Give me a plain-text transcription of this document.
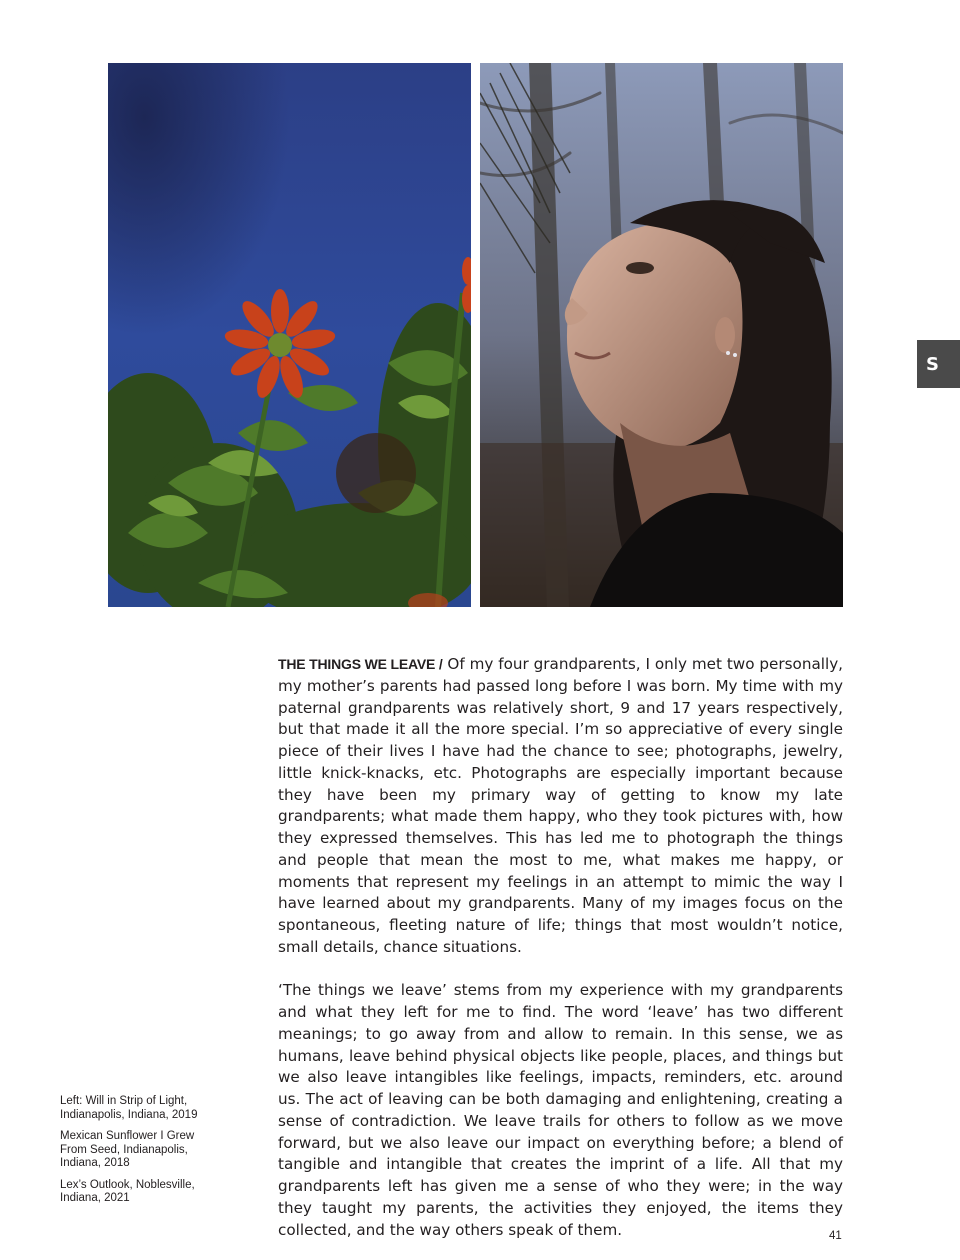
S

THE THINGS WE LEAVE / Of my four grandparents, I only met two personally, my mother’s parents had passed long before I was born. My time with my paternal grandparents was relatively short, 9 and 17 years respectively, but that made it all the more special. I’m so appreciative of every single piece of their lives I have had the chance to see; photographs, jewelry, little knick-knacks, etc. Photographs are especially important because they have been my primary way of getting to know my late grandparents; what made them happy, who they took pictures with, how they expressed themselves. This has led me to photograph the things and people that mean the most to me, what makes me happy, or moments that represent my feelings in an attempt to mimic the way I have learned about my grandparents. Many of my images focus on the spontaneous, fleeting nature of life; things that most wouldn’t notice, small details, chance situations.

‘The things we leave’ stems from my experience with my grandparents and what they left for me to find. The word ‘leave’ has two different meanings; to go away from and allow to remain. In this sense, we as humans, leave behind physical objects like people, places, and things but we also leave intangibles like feelings, impacts, reminders, etc. around us. The act of leaving can be both damaging and enlightening, creating a sense of contradiction. We leave trails for others to follow as we move forward, but we also leave our impact on everything before; a blend of tangible and intangible that creates the imprint of a life. All that my grandparents left has given me a sense of who they were; in the way they taught my parents, the activities they enjoyed, the items they collected, and the way others speak of them.

Left: Will in Strip of Light, Indianapolis, Indiana, 2019
Mexican Sunflower I Grew From Seed, Indianapolis, Indiana, 2018
Lex’s Outlook, Noblesville, Indiana, 2021
41
